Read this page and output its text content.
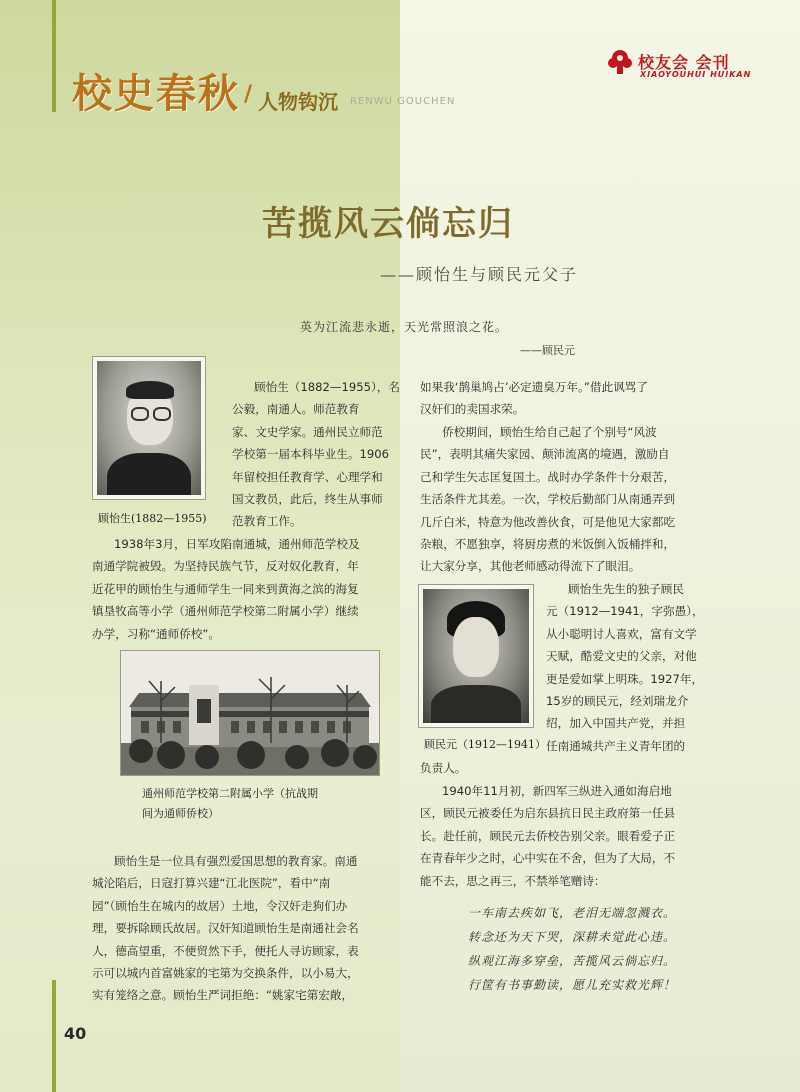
校史春秋 / 人物钩沉 RENWU GOUCHEN
校友会 会刊
XIAOYOUHUI HUIKAN
苦揽风云倘忘归
——顾怡生与顾民元父子
英为江流悲永逝，天光常照浪之花。
——顾民元
顾怡生(1882—1955)
顾怡生（1882—1955），名
公毅，南通人。师范教育
家、文史学家。通州民立师范
学校第一届本科毕业生。1906
年留校担任教育学、心理学和
国文教员，此后，终生从事师
范教育工作。
1938年3月，日军攻陷南通城，通州师范学校及
南通学院被毁。为坚持民族气节，反对奴化教育，年
近花甲的顾怡生与通师学生一同来到黄海之滨的海复
镇垦牧高等小学（通州师范学校第二附属小学）继续
办学，习称“通师侨校”。
通州师范学校第二附属小学（抗战期
间为通师侨校）
顾怡生是一位具有强烈爱国思想的教育家。南通
城沦陷后，日寇打算兴建“江北医院”，看中“南
园”（顾怡生在城内的故居）土地，令汉奸走狗们办
理，要拆除顾氏故居。汉奸知道顾怡生是南通社会名
人，德高望重，不便贸然下手，便托人寻访顾家，表
示可以城内首富姚家的宅第为交换条件，以小易大，
实有笼络之意。顾怡生严词拒绝：“姚家宅第宏敞，
如果我‘鹊巢鸠占’必定遗臭万年。”借此讽骂了
汉奸们的卖国求荣。
侨校期间，顾怡生给自己起了个别号“风波
民”，表明其痛失家园、颠沛流离的境遇，激励自
己和学生矢志匡复国土。战时办学条件十分艰苦，
生活条件尤其差。一次，学校后勤部门从南通弄到
几斤白米，特意为他改善伙食，可是他见大家都吃
杂粮，不愿独享，将厨房煮的米饭倒入饭桶拌和，
让大家分享，其他老师感动得流下了眼泪。
顾民元（1912—1941）
顾怡生先生的独子顾民
元（1912—1941，字弥愚），
从小聪明讨人喜欢，富有文学
天赋，酷爱文史的父亲，对他
更是爱如掌上明珠。1927年，
15岁的顾民元，经刘瑞龙介
绍，加入中国共产党，并担
任南通城共产主义青年团的
负责人。
1940年11月初，新四军三纵进入通如海启地
区，顾民元被委任为启东县抗日民主政府第一任县
长。赴任前，顾民元去侨校告别父亲。眼看爱子正
在青春年少之时，心中实在不舍，但为了大局，不
能不去，思之再三，不禁举笔赠诗：
一车南去疾如飞，老泪无端忽溅衣。
转念还为天下哭，深耕未觉此心违。
纵观江海多穿垒，苦揽风云倘忘归。
行筐有书事勤读，愿儿充实救光辉！
40
